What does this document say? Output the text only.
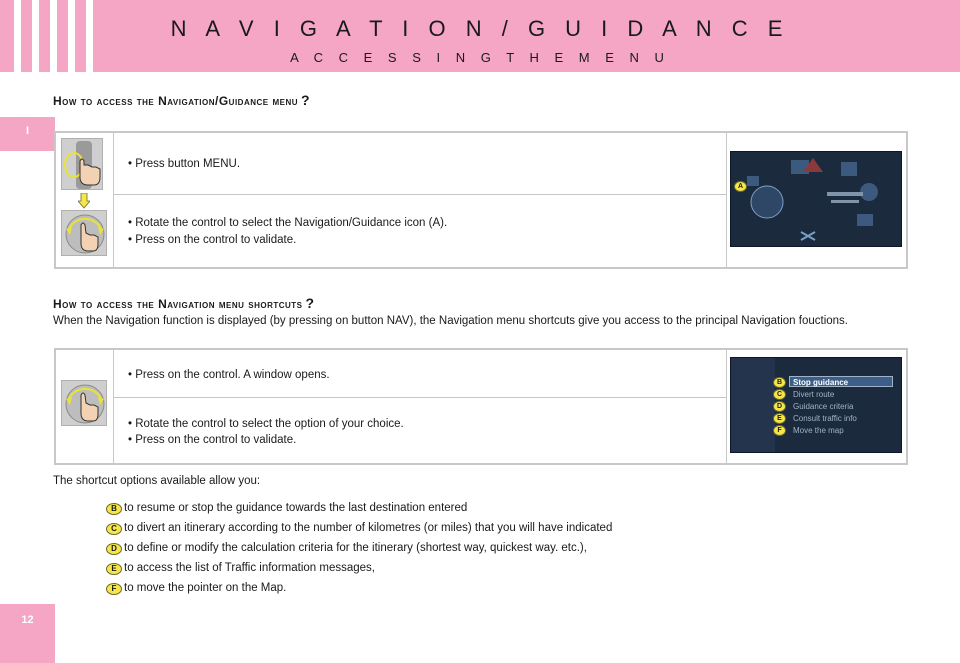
N A V I G A T I O N / G U I D A N C E
A C C E S S I N G T H E M E N U
I
12
How to access the Navigation/Guidance menu ?
• Press button MENU.
• Rotate the control to select the Navigation/Guidance icon (A).
• Press on the control to validate.
A
How to access the Navigation menu shortcuts ?
When the Navigation function is displayed (by pressing on button NAV), the Navigation menu shortcuts give you access to the principal Navigation fouctions.
• Press on the control. A window opens.
• Rotate the control to select the option of your choice.
• Press on the control to validate.
B	Stop guidance
C	Divert route
D	Guidance criteria
E	Consult traffic info
F	Move the map
The shortcut options available allow you:
B to resume or stop the guidance towards the last destination entered
C to divert an itinerary according to the number of kilometres (or miles) that you will have indicated
D to define or modify the calculation criteria for the itinerary (shortest way, quickest way. etc.),
E to access the list of Traffic information messages,
F to move the pointer on the Map.
